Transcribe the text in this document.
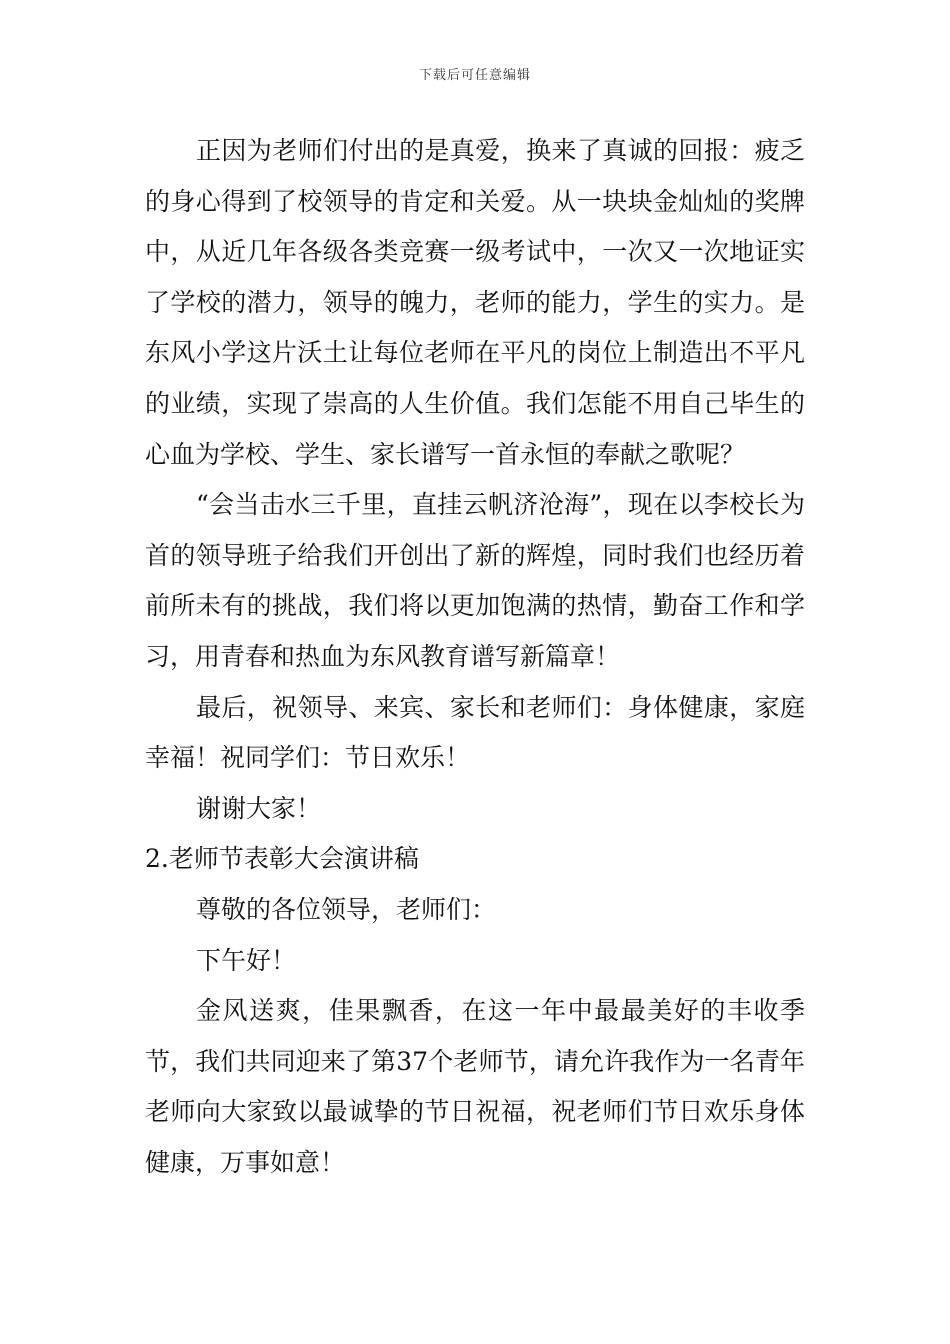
下载后可任意编辑

正因为老师们付出的是真爱，换来了真诚的回报：疲乏的身心得到了校领导的肯定和关爱。从一块块金灿灿的奖牌中，从近几年各级各类竞赛一级考试中，一次又一次地证实了学校的潜力，领导的魄力，老师的能力，学生的实力。是东风小学这片沃土让每位老师在平凡的岗位上制造出不平凡的业绩，实现了崇高的人生价值。我们怎能不用自己毕生的心血为学校、学生、家长谱写一首永恒的奉献之歌呢？

“会当击水三千里，直挂云帆济沧海”，现在以李校长为首的领导班子给我们开创出了新的辉煌，同时我们也经历着前所未有的挑战，我们将以更加饱满的热情，勤奋工作和学习，用青春和热血为东风教育谱写新篇章！

最后，祝领导、来宾、家长和老师们：身体健康，家庭幸福！祝同学们：节日欢乐！

谢谢大家！

2.老师节表彰大会演讲稿

尊敬的各位领导，老师们：

下午好！

金风送爽，佳果飘香，在这一年中最最美好的丰收季节，我们共同迎来了第37个老师节，请允许我作为一名青年老师向大家致以最诚挚的节日祝福，祝老师们节日欢乐身体健康，万事如意！
